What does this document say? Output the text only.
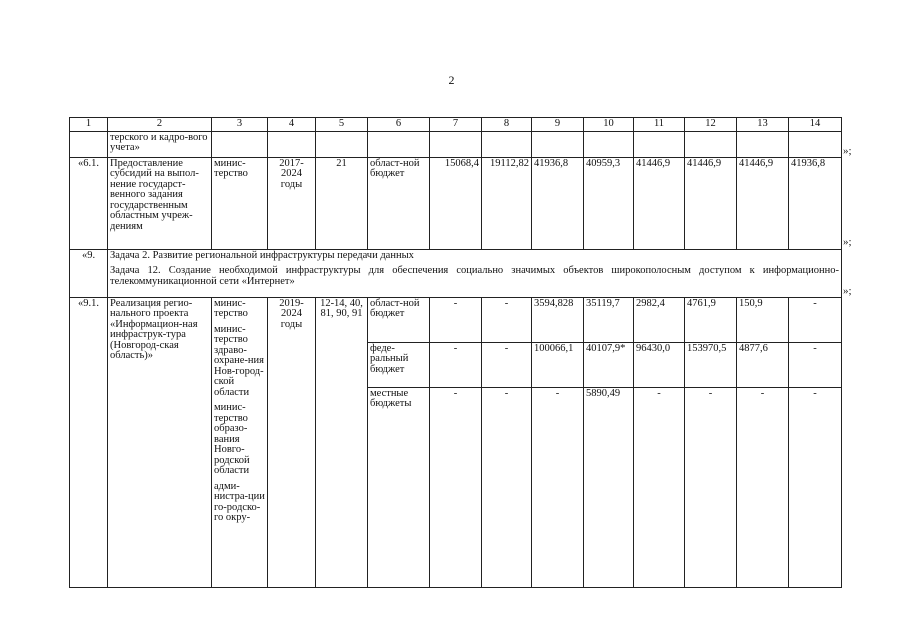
2
1	2	3	4	5	6	7	8	9	10	11	12	13	14
	терского и кадро-вого учета»												
«6.1.	Предоставление субсидий на выпол-нение государст-венного задания государственным областным учреж-дениям	минис-терство	2017-2024 годы	21	област-ной бюджет	15068,4	19112,82	41936,8	40959,3	41446,9	41446,9	41446,9	41936,8
«9.	Задача 2. Развитие региональной инфраструктуры передачи данных
Задача 12. Создание необходимой инфраструктуры для обеспечения социально значимых объектов широкополосным доступом к информационно-телекоммуникационной сети «Интернет»												

«9.1.	Реализация регио-нального проекта «Информацион-ная инфраструк-тура (Новгород-ская область)»	минис-терство
минис-терство здраво-охране-ния Нов-город-ской области
минис-терство образо-вания Новго-родской области
адми-нистра-ции го-родско-го окру-	2019-2024 годы	12-14, 40, 81, 90, 91	област-ной бюджет	-	-	3594,828	35119,7	2982,4	4761,9	150,9	-
					феде-ральный бюджет	-	-	100066,1	40107,9*	96430,0	153970,5	4877,6	-
					местные бюджеты	-	-	-	5890,49	-	-	-	-
»;
»;
»;
